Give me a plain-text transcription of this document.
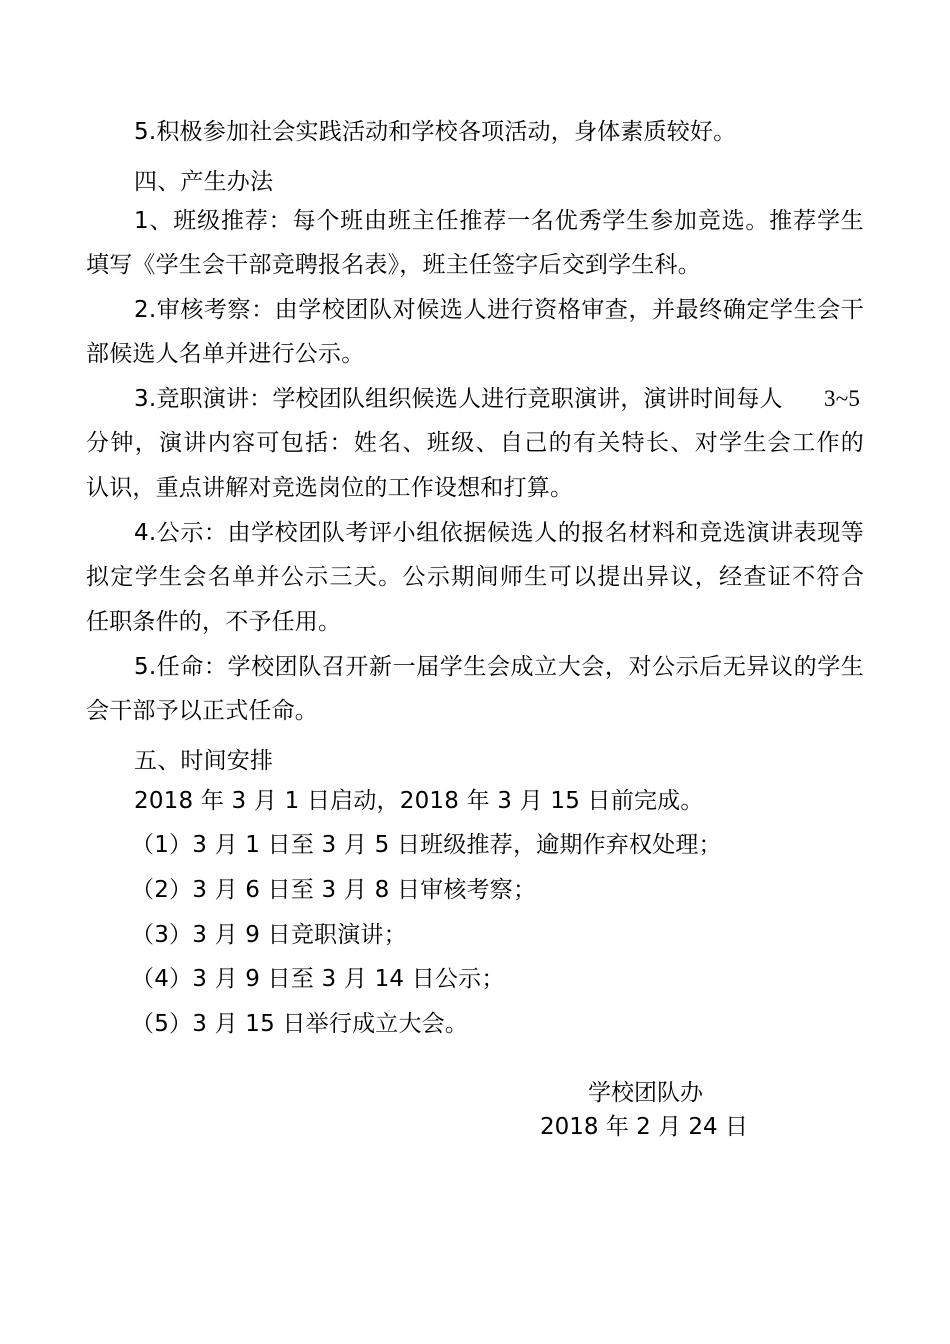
5.积极参加社会实践活动和学校各项活动，身体素质较好。
四、产生办法
1、班级推荐：每个班由班主任推荐一名优秀学生参加竞选。推荐学生
填写《学生会干部竞聘报名表》，班主任签字后交到学生科。
2.审核考察：由学校团队对候选人进行资格审查，并最终确定学生会干
部候选人名单并进行公示。
3.竞职演讲：学校团队组织候选人进行竞职演讲，演讲时间每人 3~5
分钟，演讲内容可包括：姓名、班级、自己的有关特长、对学生会工作的
认识，重点讲解对竞选岗位的工作设想和打算。
4.公示：由学校团队考评小组依据候选人的报名材料和竞选演讲表现等
拟定学生会名单并公示三天。公示期间师生可以提出异议，经查证不符合
任职条件的，不予任用。
5.任命：学校团队召开新一届学生会成立大会，对公示后无异议的学生
会干部予以正式任命。
五、时间安排
2018 年 3 月 1 日启动，2018 年 3 月 15 日前完成。
（1）3 月 1 日至 3 月 5 日班级推荐，逾期作弃权处理；
（2）3 月 6 日至 3 月 8 日审核考察；
（3）3 月 9 日竞职演讲；
（4）3 月 9 日至 3 月 14 日公示；
（5）3 月 15 日举行成立大会。
学校团队办
2018 年 2 月 24 日
